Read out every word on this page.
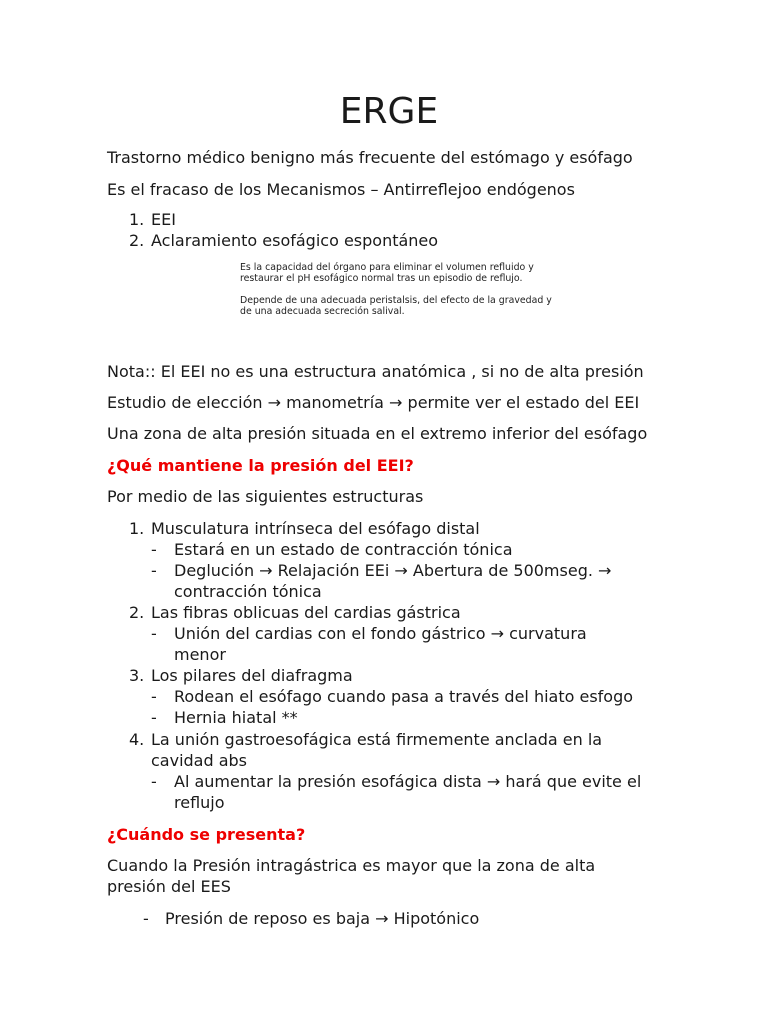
ERGE

Trastorno médico benigno más frecuente del estómago y esófago

Es el fracaso de los Mecanismos – Antirreflejoo endógenos

1. EEI
2. Aclaramiento esofágico espontáneo

Es la capacidad del órgano para eliminar el volumen refluido y

restaurar el pH esofágico normal tras un episodio de reflujo.

Depende de una adecuada peristalsis, del efecto de la gravedad y

de una adecuada secreción salival.

Nota:: El EEI no es una estructura anatómica , si no de alta presión

Estudio de elección → manometría → permite ver el estado del EEI

Una zona de alta presión situada en el extremo inferior del esófago

¿Qué mantiene la presión del EEI?

Por medio de las siguientes estructuras

1. Musculatura intrínseca del esófago distal
- Estará en un estado de contracción tónica
- Deglución → Relajación EEi → Abertura de 500mseg. →
contracción tónica
2. Las fibras oblicuas del cardias gástrica
- Unión del cardias con el fondo gástrico → curvatura
menor
3. Los pilares del diafragma
- Rodean el esófago cuando pasa a través del hiato esfogo
- Hernia hiatal **
4. La unión gastroesofágica está firmemente anclada en la
cavidad abs
- Al aumentar la presión esofágica dista → hará que evite el
reflujo

¿Cuándo se presenta?

Cuando la Presión intragástrica es mayor que la zona de alta

presión del EES

- Presión de reposo es baja → Hipotónico
